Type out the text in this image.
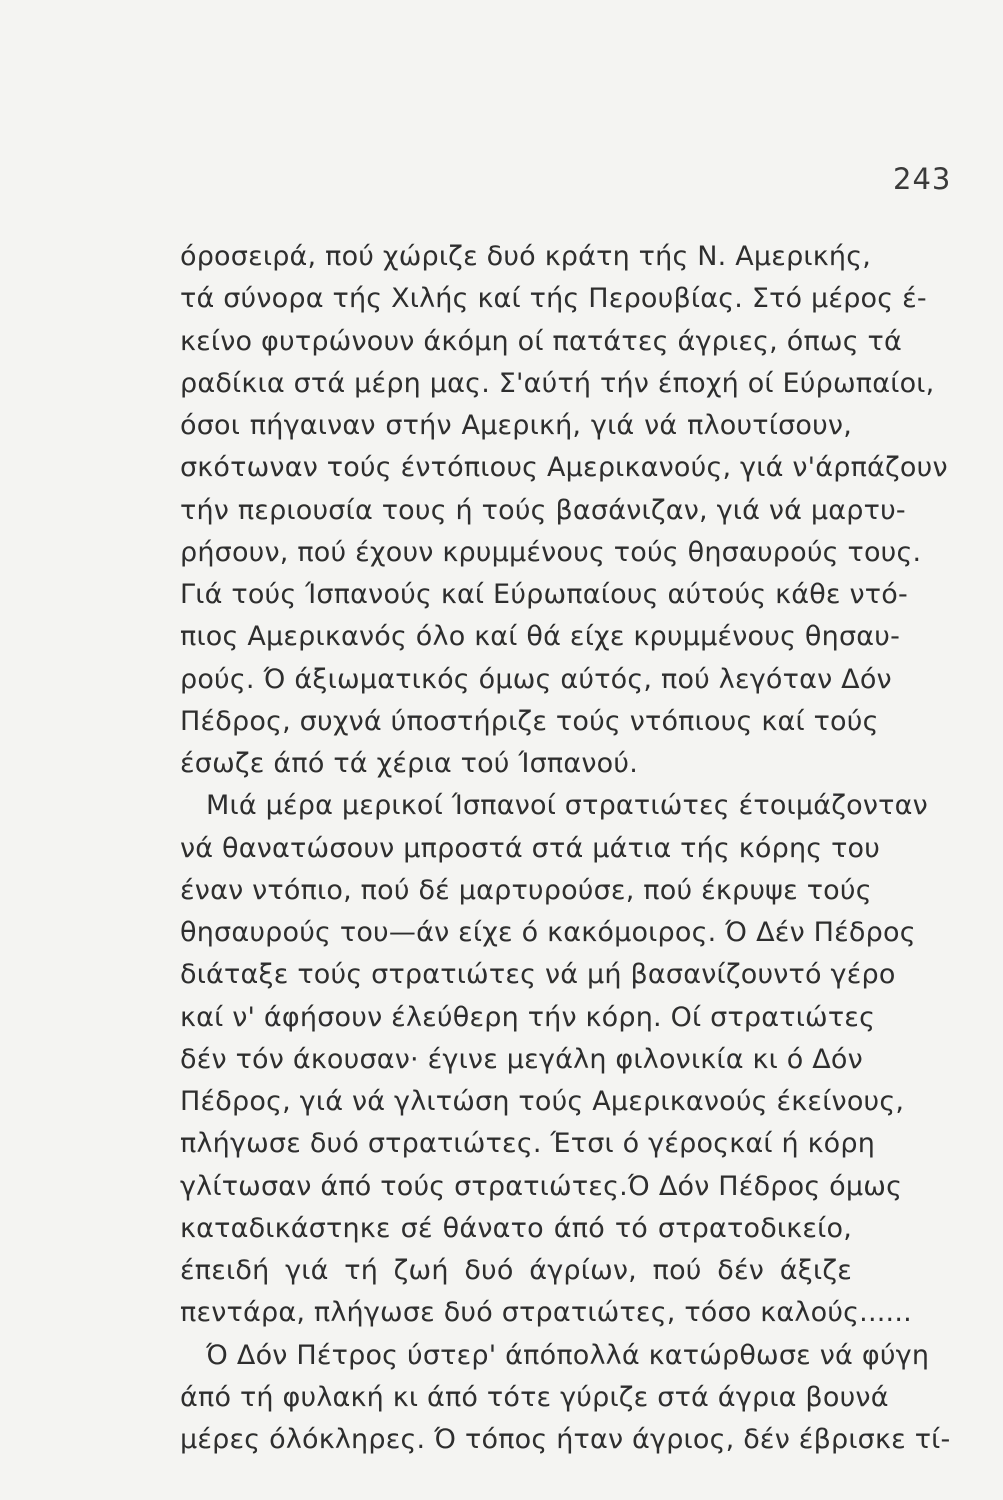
243
όροσειρά, πού χώριζε δυό κράτη τής Ν. Αμερικής,
τά σύνορα τής Χιλής καί τής Περουβίας. Στό μέρος έ-
κείνο φυτρώνουν άκόμη οί πατάτες άγριες, όπως τά
ραδίκια στά μέρη μας. Σ'αύτή τήν έποχή οί Εύρωπαίοι,
όσοι πήγαιναν στήν Αμερική, γιά νά πλουτίσουν,
σκότωναν τούς έντόπιους Αμερικανούς, γιά ν'άρπάζουν
τήν περιουσία τους ή τούς βασάνιζαν, γιά νά μαρτυ-
ρήσουν, πού έχουν κρυμμένους τούς θησαυρούς τους.
Γιά τούς Ίσπανούς καί Εύρωπαίους αύτούς κάθε ντό-
πιος Αμερικανός όλο καί θά είχε κρυμμένους θησαυ-
ρούς. Ό άξιωματικός όμως αύτός, πού λεγόταν Δόν
Πέδρος, συχνά ύποστήριζε τούς ντόπιους καί τούς
έσωζε άπό τά χέρια τού Ίσπανού.
Μιά μέρα μερικοί Ίσπανοί στρατιώτες έτοιμάζονταν
νά θανατώσουν μπροστά στά μάτια τής κόρης του
έναν ντόπιο, πού δέ μαρτυρούσε, πού έκρυψε τούς
θησαυρούς του—άν είχε ό κακόμοιρος. Ό Δέν Πέδρος
διάταξε τούς στρατιώτες νά μή βασανίζουντό γέρο
καί ν' άφήσουν έλεύθερη τήν κόρη. Οί στρατιώτες
δέν τόν άκουσαν· έγινε μεγάλη φιλονικία κι ό Δόν
Πέδρος, γιά νά γλιτώση τούς Αμερικανούς έκείνους,
πλήγωσε δυό στρατιώτες. Έτσι ό γέροςκαί ή κόρη
γλίτωσαν άπό τούς στρατιώτες.Ό Δόν Πέδρος όμως
καταδικάστηκε σέ θάνατο άπό τό στρατοδικείο,
έπειδή γιά τή ζωή δυό άγρίων, πού δέν άξιζε
πεντάρα, πλήγωσε δυό στρατιώτες, τόσο καλούς......
Ό Δόν Πέτρος ύστερ' άπόπολλά κατώρθωσε νά φύγη
άπό τή φυλακή κι άπό τότε γύριζε στά άγρια βουνά
μέρες όλόκληρες. Ό τόπος ήταν άγριος, δέν έβρισκε τί-
